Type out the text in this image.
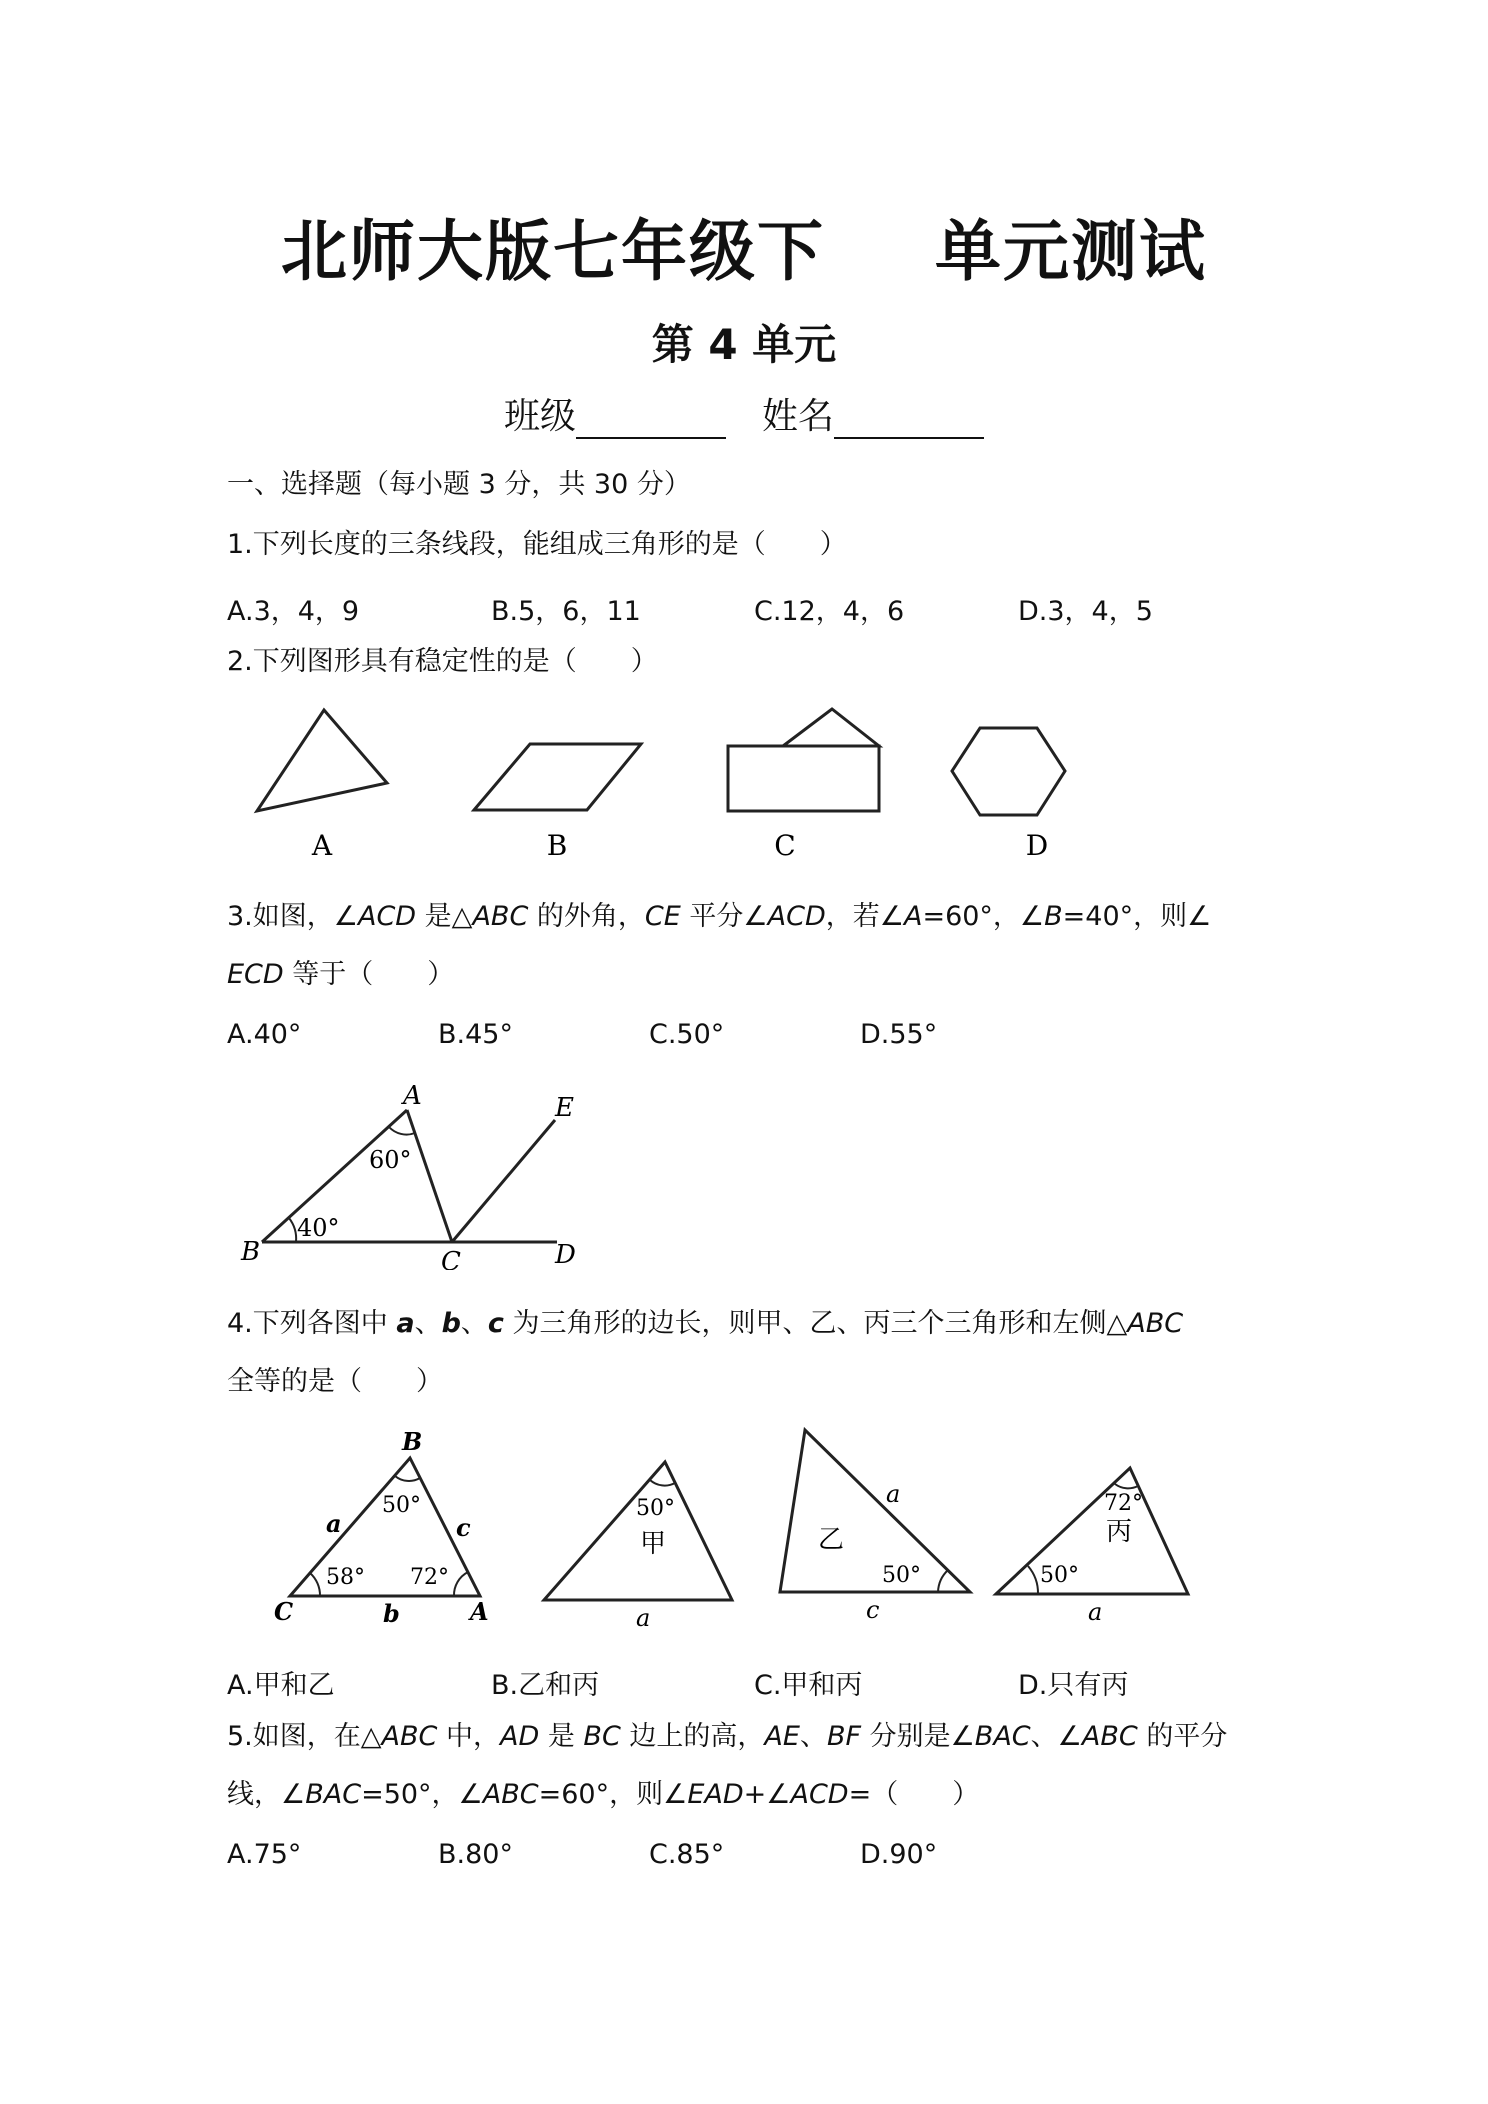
北师大版七年级下 单元测试
第 4 单元
班级	姓名
一、选择题（每小题 3 分，共 30 分）
1.下列长度的三条线段，能组成三角形的是（　　）
A.3，4，9	B.5，6，11	C.12，4，6	D.3，4，5
2.下列图形具有稳定性的是（　　）
A	B	C	D
3.如图，∠ACD 是△ABC 的外角，CE 平分∠ACD，若∠A=60°，∠B=40°，则∠
ECD 等于（　　）
A.40°	B.45°	C.50°	D.55°
A
B	C	D
E
60°
40°
4.下列各图中 a、b、c 为三角形的边长，则甲、乙、丙三个三角形和左侧△ABC
全等的是（　　）
B
C	A
a
b
c
50°
58° 72°
50°
甲
a
乙
50°
a
c
72°
丙
50°
a
A.甲和乙	B.乙和丙	C.甲和丙	D.只有丙
5.如图，在△ABC 中，AD 是 BC 边上的高，AE、BF 分别是∠BAC、∠ABC 的平分
线，∠BAC=50°，∠ABC=60°，则∠EAD+∠ACD=（　　）
A.75°	B.80°	C.85°	D.90°
